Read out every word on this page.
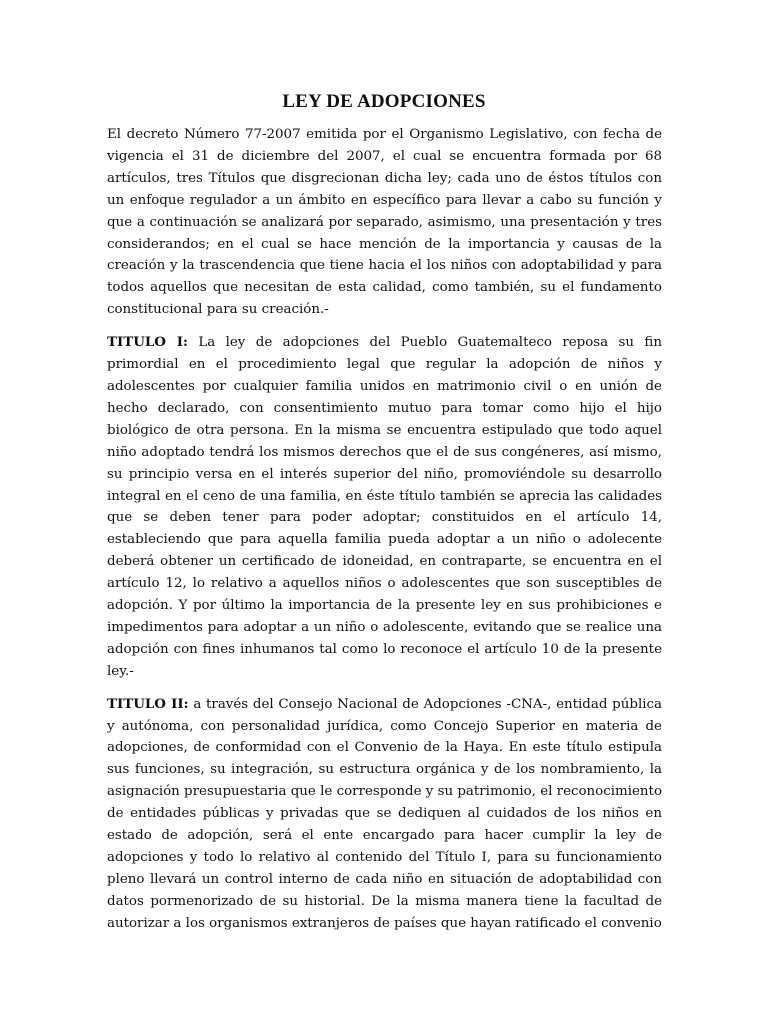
LEY DE ADOPCIONES

El decreto Número 77-2007 emitida por el Organismo Legislativo, con fecha de vigencia el 31 de diciembre del 2007, el cual se encuentra formada por 68 artículos, tres Títulos que disgrecionan dicha ley; cada uno de éstos títulos con un enfoque regulador a un ámbito en específico para llevar a cabo su función y que a continuación se analizará por separado, asimismo, una presentación y tres considerandos; en el cual se hace mención de la importancia y causas de la creación y la trascendencia que tiene hacia el los niños con adoptabilidad y para todos aquellos que necesitan de esta calidad, como también, su el fundamento constitucional para su creación.-

TITULO I: La ley de adopciones del Pueblo Guatemalteco reposa su fin primordial en el procedimiento legal que regular la adopción de niños y adolescentes por cualquier familia unidos en matrimonio civil o en unión de hecho declarado, con consentimiento mutuo para tomar como hijo el hijo biológico de otra persona. En la misma se encuentra estipulado que todo aquel niño adoptado tendrá los mismos derechos que el de sus congéneres, así mismo, su principio versa en el interés superior del niño, promoviéndole su desarrollo integral en el ceno de una familia, en éste título también se aprecia las calidades que se deben tener para poder adoptar; constituidos en el artículo 14, estableciendo que para aquella familia pueda adoptar a un niño o adolecente deberá obtener un certificado de idoneidad, en contraparte, se encuentra en el artículo 12, lo relativo a aquellos niños o adolescentes que son susceptibles de adopción. Y por último la importancia de la presente ley en sus prohibiciones e impedimentos para adoptar a un niño o adolescente, evitando que se realice una adopción con fines inhumanos tal como lo reconoce el artículo 10 de la presente ley.-

TITULO II: a través del Consejo Nacional de Adopciones -CNA-, entidad pública y autónoma, con personalidad jurídica, como Concejo Superior en materia de adopciones, de conformidad con el Convenio de la Haya. En este título estipula sus funciones, su integración, su estructura orgánica y de los nombramiento, la asignación presupuestaria que le corresponde y su patrimonio, el reconocimiento de entidades públicas y privadas que se dediquen al cuidados de los niños en estado de adopción, será el ente encargado para hacer cumplir la ley de adopciones y todo lo relativo al contenido del Título I, para su funcionamiento pleno llevará un control interno de cada niño en situación de adoptabilidad con datos pormenorizado de su historial. De la misma manera tiene la facultad de autorizar a los organismos extranjeros de países que hayan ratificado el convenio
